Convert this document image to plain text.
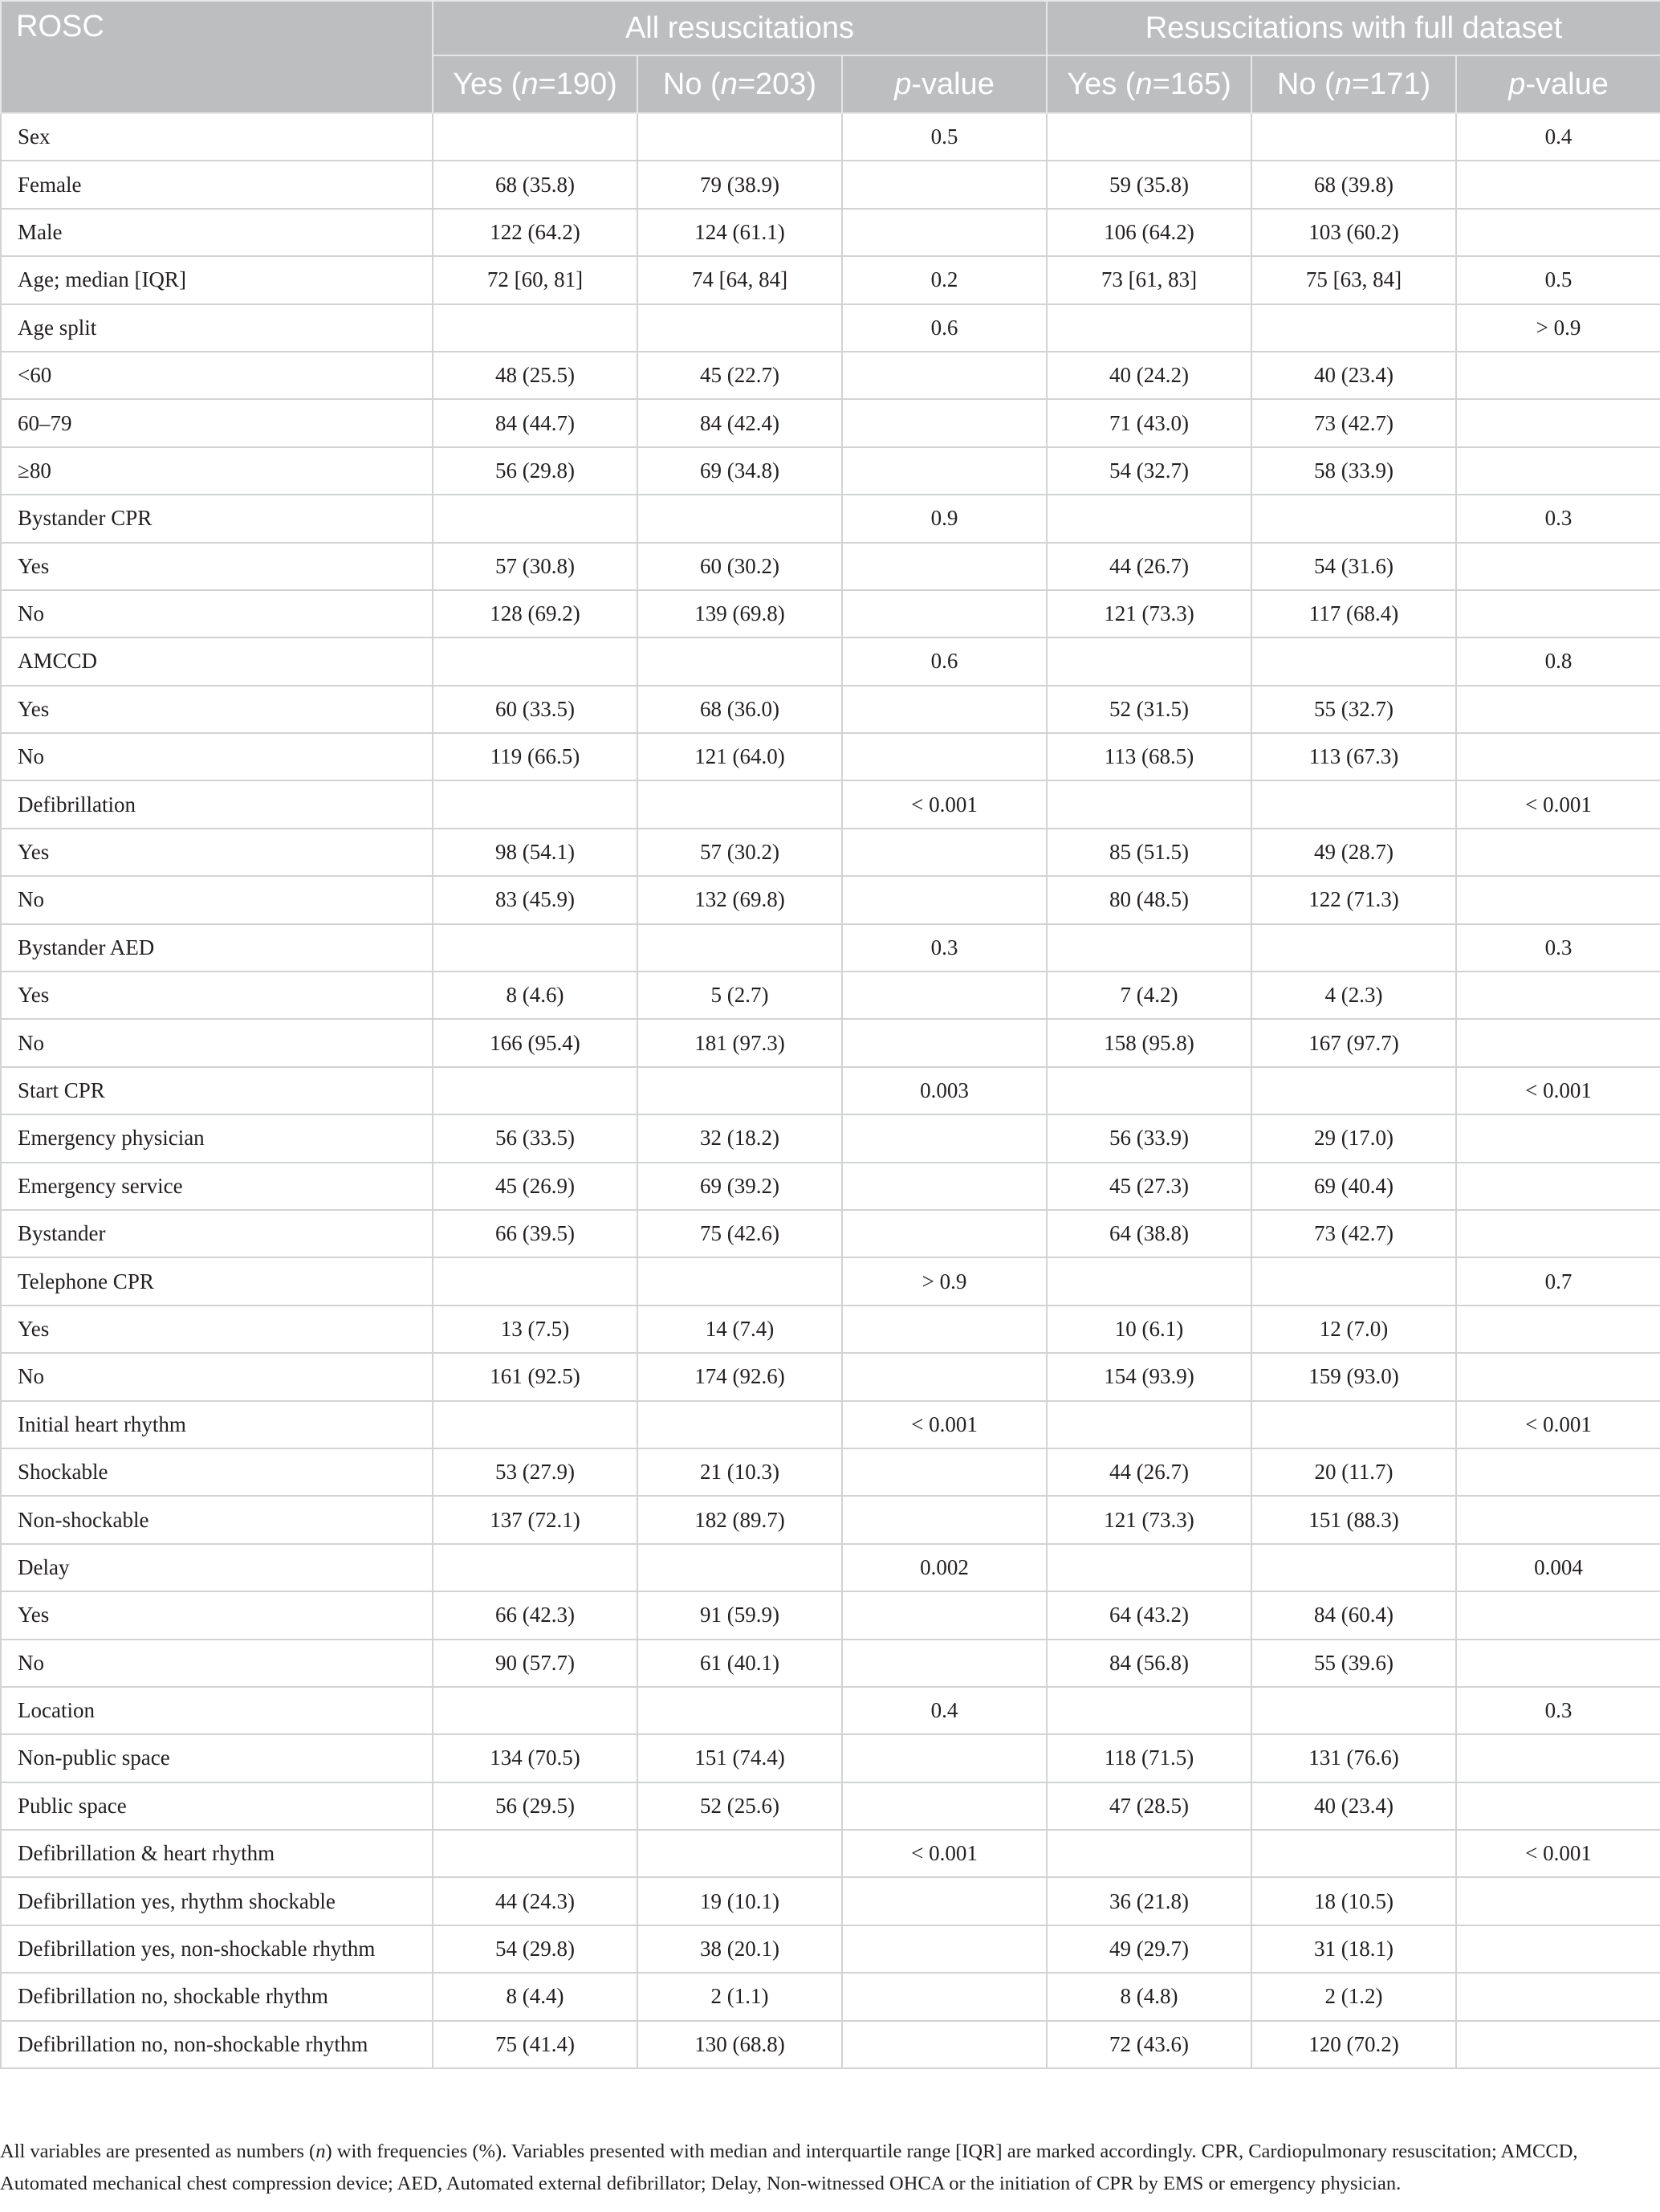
ROSC	All resuscitations			Resuscitations with full dataset		
	Yes (n=190)	No (n=203)	p-value	Yes (n=165)	No (n=171)	p-value
Sex			0.5			0.4
Female	68 (35.8)	79 (38.9)		59 (35.8)	68 (39.8)	
Male	122 (64.2)	124 (61.1)		106 (64.2)	103 (60.2)	
Age; median [IQR]	72 [60, 81]	74 [64, 84]	0.2	73 [61, 83]	75 [63, 84]	0.5
Age split			0.6			> 0.9
<60	48 (25.5)	45 (22.7)		40 (24.2)	40 (23.4)	
60–79	84 (44.7)	84 (42.4)		71 (43.0)	73 (42.7)	
≥80	56 (29.8)	69 (34.8)		54 (32.7)	58 (33.9)	
Bystander CPR			0.9			0.3
Yes	57 (30.8)	60 (30.2)		44 (26.7)	54 (31.6)	
No	128 (69.2)	139 (69.8)		121 (73.3)	117 (68.4)	
AMCCD			0.6			0.8
Yes	60 (33.5)	68 (36.0)		52 (31.5)	55 (32.7)	
No	119 (66.5)	121 (64.0)		113 (68.5)	113 (67.3)	
Defibrillation			< 0.001			< 0.001
Yes	98 (54.1)	57 (30.2)		85 (51.5)	49 (28.7)	
No	83 (45.9)	132 (69.8)		80 (48.5)	122 (71.3)	
Bystander AED			0.3			0.3
Yes	8 (4.6)	5 (2.7)		7 (4.2)	4 (2.3)	
No	166 (95.4)	181 (97.3)		158 (95.8)	167 (97.7)	
Start CPR			0.003			< 0.001
Emergency physician	56 (33.5)	32 (18.2)		56 (33.9)	29 (17.0)	
Emergency service	45 (26.9)	69 (39.2)		45 (27.3)	69 (40.4)	
Bystander	66 (39.5)	75 (42.6)		64 (38.8)	73 (42.7)	
Telephone CPR			> 0.9			0.7
Yes	13 (7.5)	14 (7.4)		10 (6.1)	12 (7.0)	
No	161 (92.5)	174 (92.6)		154 (93.9)	159 (93.0)	
Initial heart rhythm			< 0.001			< 0.001
Shockable	53 (27.9)	21 (10.3)		44 (26.7)	20 (11.7)	
Non-shockable	137 (72.1)	182 (89.7)		121 (73.3)	151 (88.3)	
Delay			0.002			0.004
Yes	66 (42.3)	91 (59.9)		64 (43.2)	84 (60.4)	
No	90 (57.7)	61 (40.1)		84 (56.8)	55 (39.6)	
Location			0.4			0.3
Non-public space	134 (70.5)	151 (74.4)		118 (71.5)	131 (76.6)	
Public space	56 (29.5)	52 (25.6)		47 (28.5)	40 (23.4)	
Defibrillation & heart rhythm			< 0.001			< 0.001
Defibrillation yes, rhythm shockable	44 (24.3)	19 (10.1)		36 (21.8)	18 (10.5)	
Defibrillation yes, non-shockable rhythm	54 (29.8)	38 (20.1)		49 (29.7)	31 (18.1)	
Defibrillation no, shockable rhythm	8 (4.4)	2 (1.1)		8 (4.8)	2 (1.2)	
Defibrillation no, non-shockable rhythm	75 (41.4)	130 (68.8)		72 (43.6)	120 (70.2)	
All variables are presented as numbers (n) with frequencies (%). Variables presented with median and interquartile range [IQR] are marked accordingly. CPR, Cardiopulmonary resuscitation; AMCCD, Automated mechanical chest compression device; AED, Automated external defibrillator; Delay, Non-witnessed OHCA or the initiation of CPR by EMS or emergency physician.
